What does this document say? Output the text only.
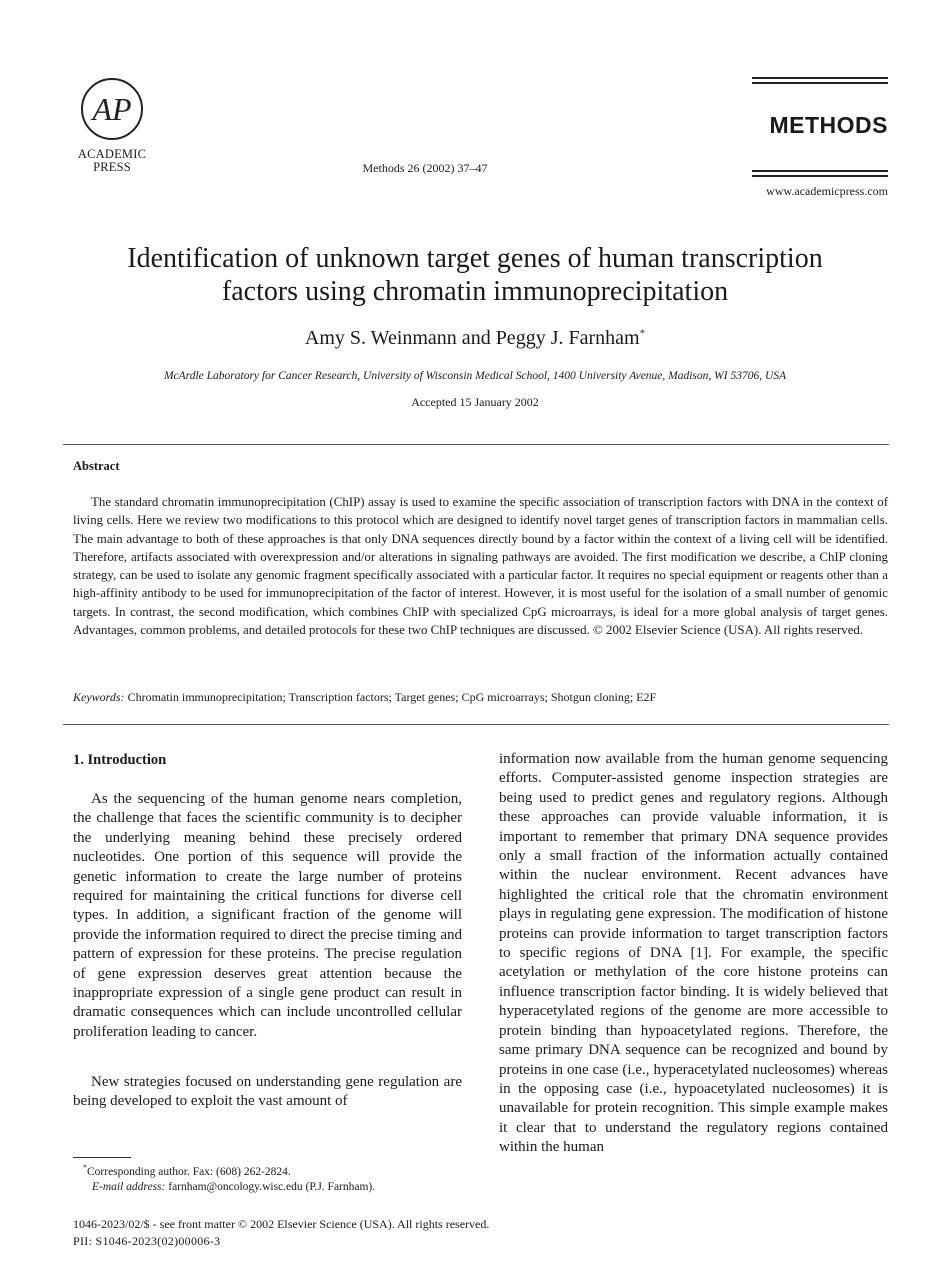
AP
ACADEMIC
PRESS	Methods 26 (2002) 37–47
METHODS
www.academicpress.com
Identification of unknown target genes of human transcription
factors using chromatin immunoprecipitation
Amy S. Weinmann and Peggy J. Farnham*
McArdle Laboratory for Cancer Research, University of Wisconsin Medical School, 1400 University Avenue, Madison, WI 53706, USA
Accepted 15 January 2002
Abstract

The standard chromatin immunoprecipitation (ChIP) assay is used to examine the specific association of transcription factors with DNA in the context of living cells. Here we review two modifications to this protocol which are designed to identify novel target genes of transcription factors in mammalian cells. The main advantage to both of these approaches is that only DNA sequences directly bound by a factor within the context of a living cell will be identified. Therefore, artifacts associated with overexpression and/or alterations in signaling pathways are avoided. The first modification we describe, a ChIP cloning strategy, can be used to isolate any genomic fragment specifically associated with a particular factor. It requires no special equipment or reagents other than a high-affinity antibody to be used for immunoprecipitation of the factor of interest. However, it is most useful for the isolation of a small number of genomic targets. In contrast, the second modification, which combines ChIP with specialized CpG microarrays, is ideal for a more global analysis of target genes. Advantages, common problems, and detailed protocols for these two ChIP techniques are discussed. © 2002 Elsevier Science (USA). All rights reserved.

Keywords: Chromatin immunoprecipitation; Transcription factors; Target genes; CpG microarrays; Shotgun cloning; E2F
1. Introduction

As the sequencing of the human genome nears completion, the challenge that faces the scientific community is to decipher the underlying meaning behind these precisely ordered nucleotides. One portion of this sequence will provide the genetic information to create the large number of proteins required for maintaining the critical functions for diverse cell types. In addition, a significant fraction of the genome will provide the information required to direct the precise timing and pattern of expression for these proteins. The precise regulation of gene expression deserves great attention because the inappropriate expression of a single gene product can result in dramatic consequences which can include uncontrolled cellular proliferation leading to cancer.

New strategies focused on understanding gene regulation are being developed to exploit the vast amount of

information now available from the human genome sequencing efforts. Computer-assisted genome inspection strategies are being used to predict genes and regulatory regions. Although these approaches can provide valuable information, it is important to remember that primary DNA sequence provides only a small fraction of the information actually contained within the nuclear environment. Recent advances have highlighted the critical role that the chromatin environment plays in regulating gene expression. The modification of histone proteins can provide information to target transcription factors to specific regions of DNA [1]. For example, the specific acetylation or methylation of the core histone proteins can influence transcription factor binding. It is widely believed that hyperacetylated regions of the genome are more accessible to protein binding than hypoacetylated regions. Therefore, the same primary DNA sequence can be recognized and bound by proteins in one case (i.e., hyperacetylated nucleosomes) whereas in the opposing case (i.e., hypoacetylated nucleosomes) it is unavailable for protein recognition. This simple example makes it clear that to understand the regulatory regions contained within the human

*Corresponding author. Fax: (608) 262-2824.
E-mail address: farnham@oncology.wisc.edu (P.J. Farnham).
1046-2023/02/$ - see front matter © 2002 Elsevier Science (USA). All rights reserved.
PII: S1046-2023(02)00006-3
